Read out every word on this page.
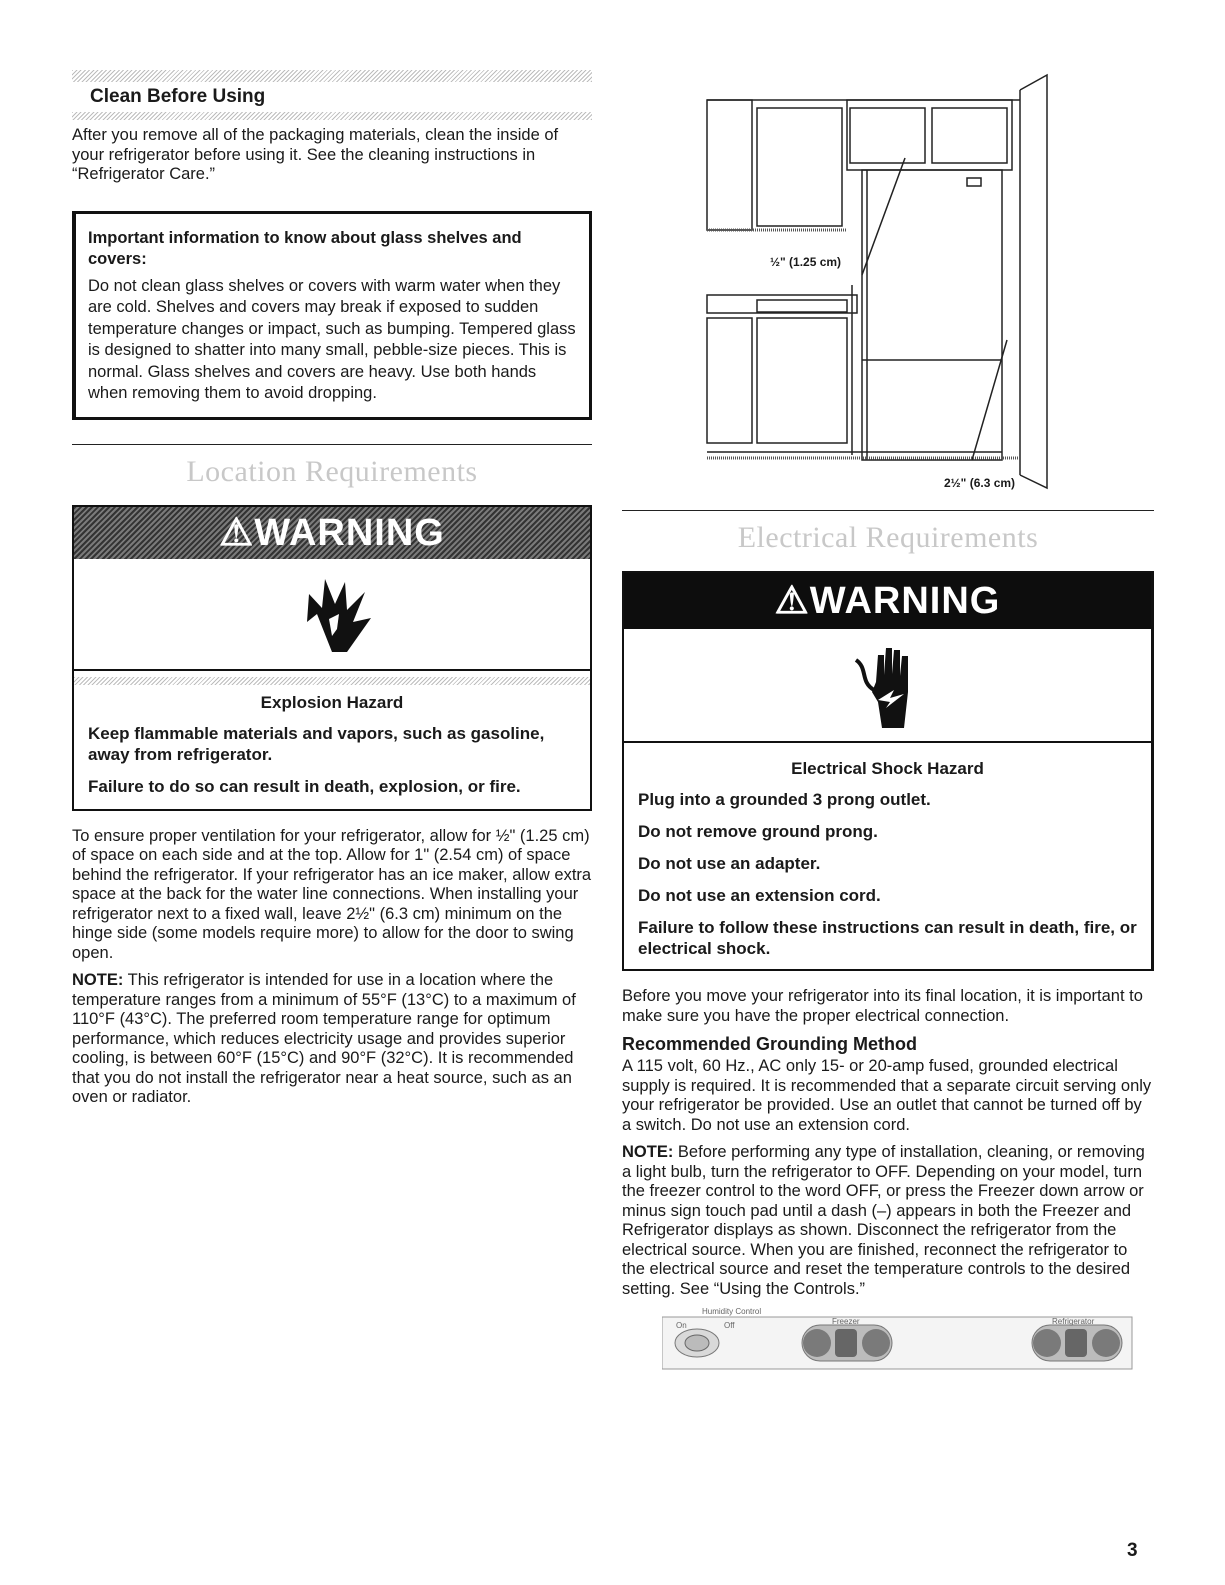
Clean Before Using

After you remove all of the packaging materials, clean the inside of your refrigerator before using it. See the cleaning instructions in “Refrigerator Care.”

Important information to know about glass shelves and covers:

Do not clean glass shelves or covers with warm water when they are cold. Shelves and covers may break if exposed to sudden temperature changes or impact, such as bumping. Tempered glass is designed to shatter into many small, pebble-size pieces. This is normal. Glass shelves and covers are heavy. Use both hands when removing them to avoid dropping.

Location Requirements
⚠WARNING
Explosion Hazard
Keep flammable materials and vapors, such as gasoline, away from refrigerator.
Failure to do so can result in death, explosion, or fire.

To ensure proper ventilation for your refrigerator, allow for ½" (1.25 cm) of space on each side and at the top. Allow for 1" (2.54 cm) of space behind the refrigerator. If your refrigerator has an ice maker, allow extra space at the back for the water line connections. When installing your refrigerator next to a fixed wall, leave 2½" (6.3 cm) minimum on the hinge side (some models require more) to allow for the door to swing open.

NOTE: This refrigerator is intended for use in a location where the temperature ranges from a minimum of 55°F (13°C) to a maximum of 110°F (43°C). The preferred room temperature range for optimum performance, which reduces electricity usage and provides superior cooling, is between 60°F (15°C) and 90°F (32°C). It is recommended that you do not install the refrigerator near a heat source, such as an oven or radiator.

½" (1.25 cm)
2½" (6.3 cm)
Electrical Requirements
⚠WARNING
Electrical Shock Hazard
Plug into a grounded 3 prong outlet.
Do not remove ground prong.
Do not use an adapter.
Do not use an extension cord.
Failure to follow these instructions can result in death, fire, or electrical shock.

Before you move your refrigerator into its final location, it is important to make sure you have the proper electrical connection.

Recommended Grounding Method

A 115 volt, 60 Hz., AC only 15- or 20-amp fused, grounded electrical supply is required. It is recommended that a separate circuit serving only your refrigerator be provided. Use an outlet that cannot be turned off by a switch. Do not use an extension cord.

NOTE: Before performing any type of installation, cleaning, or removing a light bulb, turn the refrigerator to OFF. Depending on your model, turn the freezer control to the word OFF, or press the Freezer down arrow or minus sign touch pad until a dash (–) appears in both the Freezer and Refrigerator displays as shown. Disconnect the refrigerator from the electrical source. When you are finished, reconnect the refrigerator to the electrical source and reset the temperature controls to the desired setting. See “Using the Controls.”

Humidity Control
On	Off	Freezer	Refrigerator
3
